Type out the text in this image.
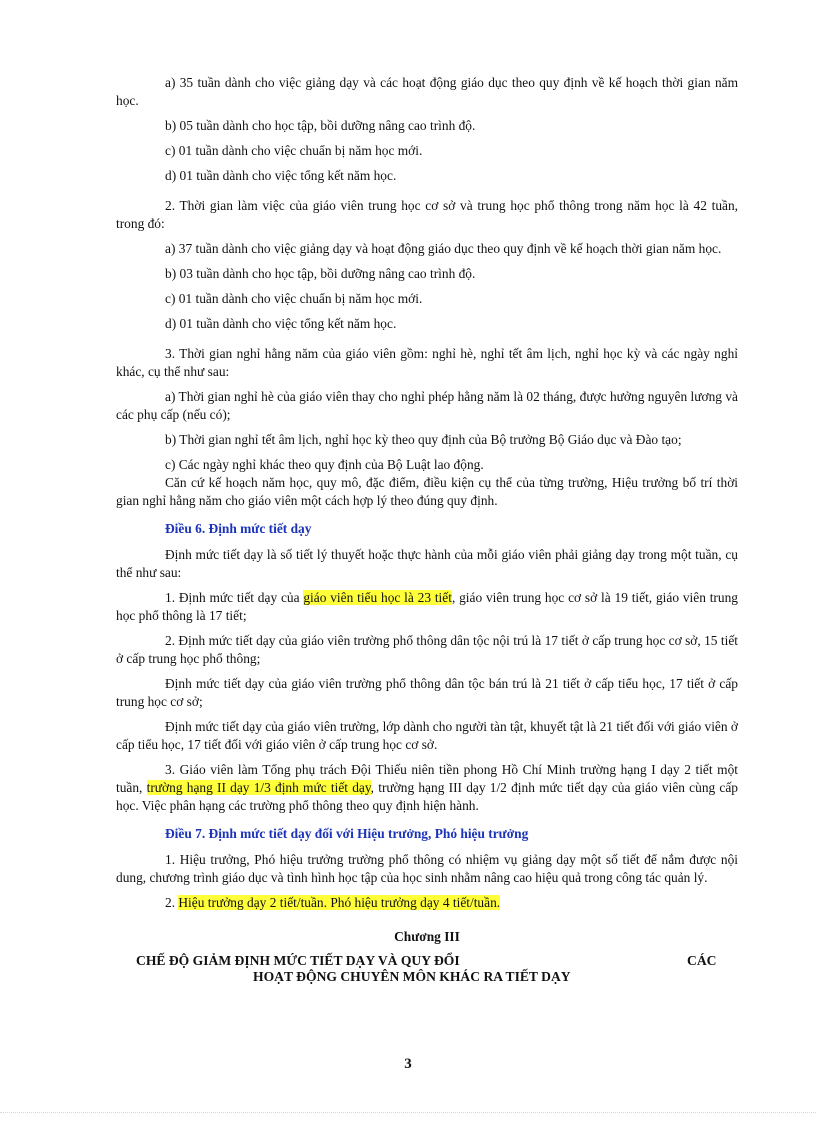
a) 35 tuần dành cho việc giảng dạy và các hoạt động giáo dục theo quy định về kế hoạch thời gian năm học.

b) 05 tuần dành cho học tập, bồi dưỡng nâng cao trình độ.

c) 01 tuần dành cho việc chuẩn bị năm học mới.

d) 01 tuần dành cho việc tổng kết năm học.

2. Thời gian làm việc của giáo viên trung học cơ sở và trung học phổ thông trong năm học là 42 tuần, trong đó:

a) 37 tuần dành cho việc giảng dạy và hoạt động giáo dục theo quy định về kế hoạch thời gian năm học.

b) 03 tuần dành cho học tập, bồi dưỡng nâng cao trình độ.

c) 01 tuần dành cho việc chuẩn bị năm học mới.

d) 01 tuần dành cho việc tổng kết năm học.

3. Thời gian nghỉ hằng năm của giáo viên gồm: nghỉ hè, nghỉ tết âm lịch, nghỉ học kỳ và các ngày nghỉ khác, cụ thể như sau:

a) Thời gian nghỉ hè của giáo viên thay cho nghỉ phép hằng năm là 02 tháng, được hưởng nguyên lương và các phụ cấp (nếu có);

b) Thời gian nghỉ tết âm lịch, nghỉ học kỳ theo quy định của Bộ trưởng Bộ Giáo dục và Đào tạo;

c) Các ngày nghỉ khác theo quy định của Bộ Luật lao động.

Căn cứ kế hoạch năm học, quy mô, đặc điểm, điều kiện cụ thể của từng trường, Hiệu trưởng bố trí thời gian nghỉ hằng năm cho giáo viên một cách hợp lý theo đúng quy định.

Điều 6. Định mức tiết dạy

Định mức tiết dạy là số tiết lý thuyết hoặc thực hành của mỗi giáo viên phải giảng dạy trong một tuần, cụ thể như sau:

1. Định mức tiết dạy của giáo viên tiểu học là 23 tiết, giáo viên trung học cơ sở là 19 tiết, giáo viên trung học phổ thông là 17 tiết;

2. Định mức tiết dạy của giáo viên trường phổ thông dân tộc nội trú là 17 tiết ở cấp trung học cơ sở, 15 tiết ở cấp trung học phổ thông;

Định mức tiết dạy của giáo viên trường phổ thông dân tộc bán trú là 21 tiết ở cấp tiểu học, 17 tiết ở cấp trung học cơ sở;

Định mức tiết dạy của giáo viên trường, lớp dành cho người tàn tật, khuyết tật là 21 tiết đối với giáo viên ở cấp tiểu học, 17 tiết đối với giáo viên ở cấp trung học cơ sở.

3. Giáo viên làm Tổng phụ trách Đội Thiếu niên tiền phong Hồ Chí Minh trường hạng I dạy 2 tiết một tuần, trường hạng II dạy 1/3 định mức tiết dạy, trường hạng III dạy 1/2 định mức tiết dạy của giáo viên cùng cấp học. Việc phân hạng các trường phổ thông theo quy định hiện hành.

Điều 7. Định mức tiết dạy đối với Hiệu trưởng, Phó hiệu trưởng

1. Hiệu trưởng, Phó hiệu trưởng trường phổ thông có nhiệm vụ giảng dạy một số tiết để nắm được nội dung, chương trình giáo dục và tình hình học tập của học sinh nhằm nâng cao hiệu quả trong công tác quản lý.

2. Hiệu trưởng dạy 2 tiết/tuần. Phó hiệu trưởng dạy 4 tiết/tuần.

Chương III

CHẾ ĐỘ GIẢM ĐỊNH MỨC TIẾT DẠY VÀ QUY ĐỔI	CÁC
HOẠT ĐỘNG CHUYÊN MÔN KHÁC RA TIẾT DẠY
3
